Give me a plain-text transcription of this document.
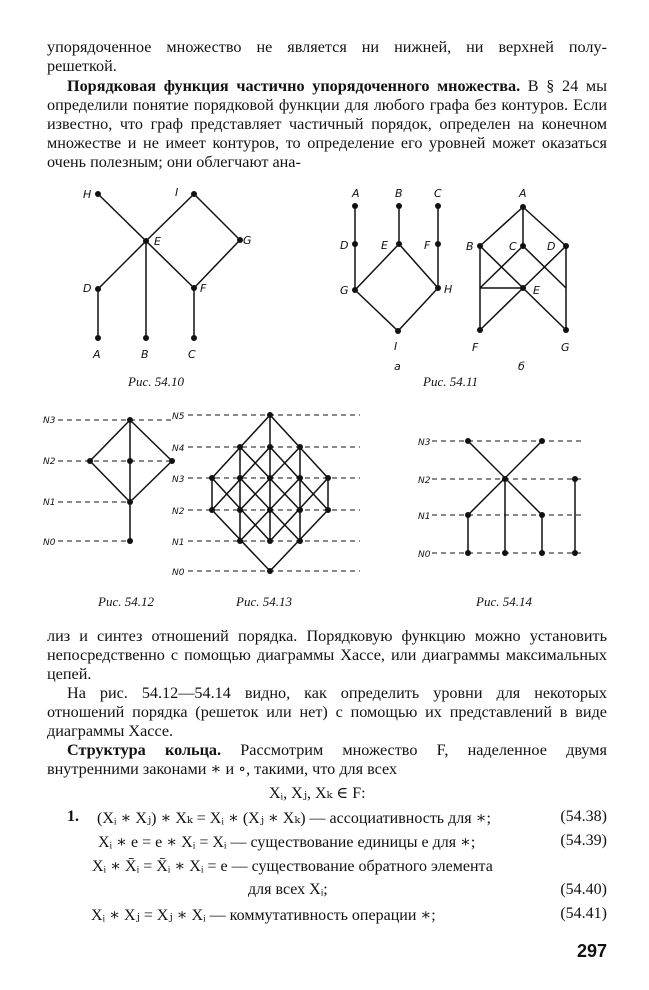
упорядоченное множество не является ни нижней, ни верхней полу-
решеткой.
Порядковая функция частично упорядоченного множества. В § 24 мы определили понятие порядковой функции для любого графа без контуров. Если известно, что граф представляет частичный порядок, определен на конечном множестве и не имеет контуров, то определение его уровней может оказаться очень полезным; они облегчают ана-
H	I
E	G
D	F
A	B	C
A	B	C
D	E	F
G	H
I
а
A
B	C	D
E
F	G
б
N3
N2
N1
N0
N5
N4
N3
N2
N1
N0
N3
N2
N1
N0
Рис. 54.10	Рис. 54.11
Рис. 54.12	Рис. 54.13	Рис. 54.14
лиз и синтез отношений порядка. Порядковую функцию можно установить непосредственно с помощью диаграммы Хассе, или диаграммы максимальных цепей.
На рис. 54.12—54.14 видно, как определить уровни для некоторых отношений порядка (решеток или нет) с помощью их представлений в виде диаграммы Хассе.
Структура кольца. Рассмотрим множество F, наделенное двумя внутренними законами ∗ и ∘, такими, что для всех
Xᵢ, Xⱼ, Xₖ ∈ F:
1. (Xᵢ ∗ Xⱼ) ∗ Xₖ = Xᵢ ∗ (Xⱼ ∗ Xₖ) — ассоциативность для ∗;	(54.38)
Xᵢ ∗ e = e ∗ Xᵢ = Xᵢ — существование единицы e для ∗;	(54.39)
Xᵢ ∗ X̄ᵢ = X̄ᵢ ∗ Xᵢ = e — существование обратного элемента
для всех Xᵢ;	(54.40)
Xᵢ ∗ Xⱼ = Xⱼ ∗ Xᵢ — коммутативность операции ∗;	(54.41)
297
